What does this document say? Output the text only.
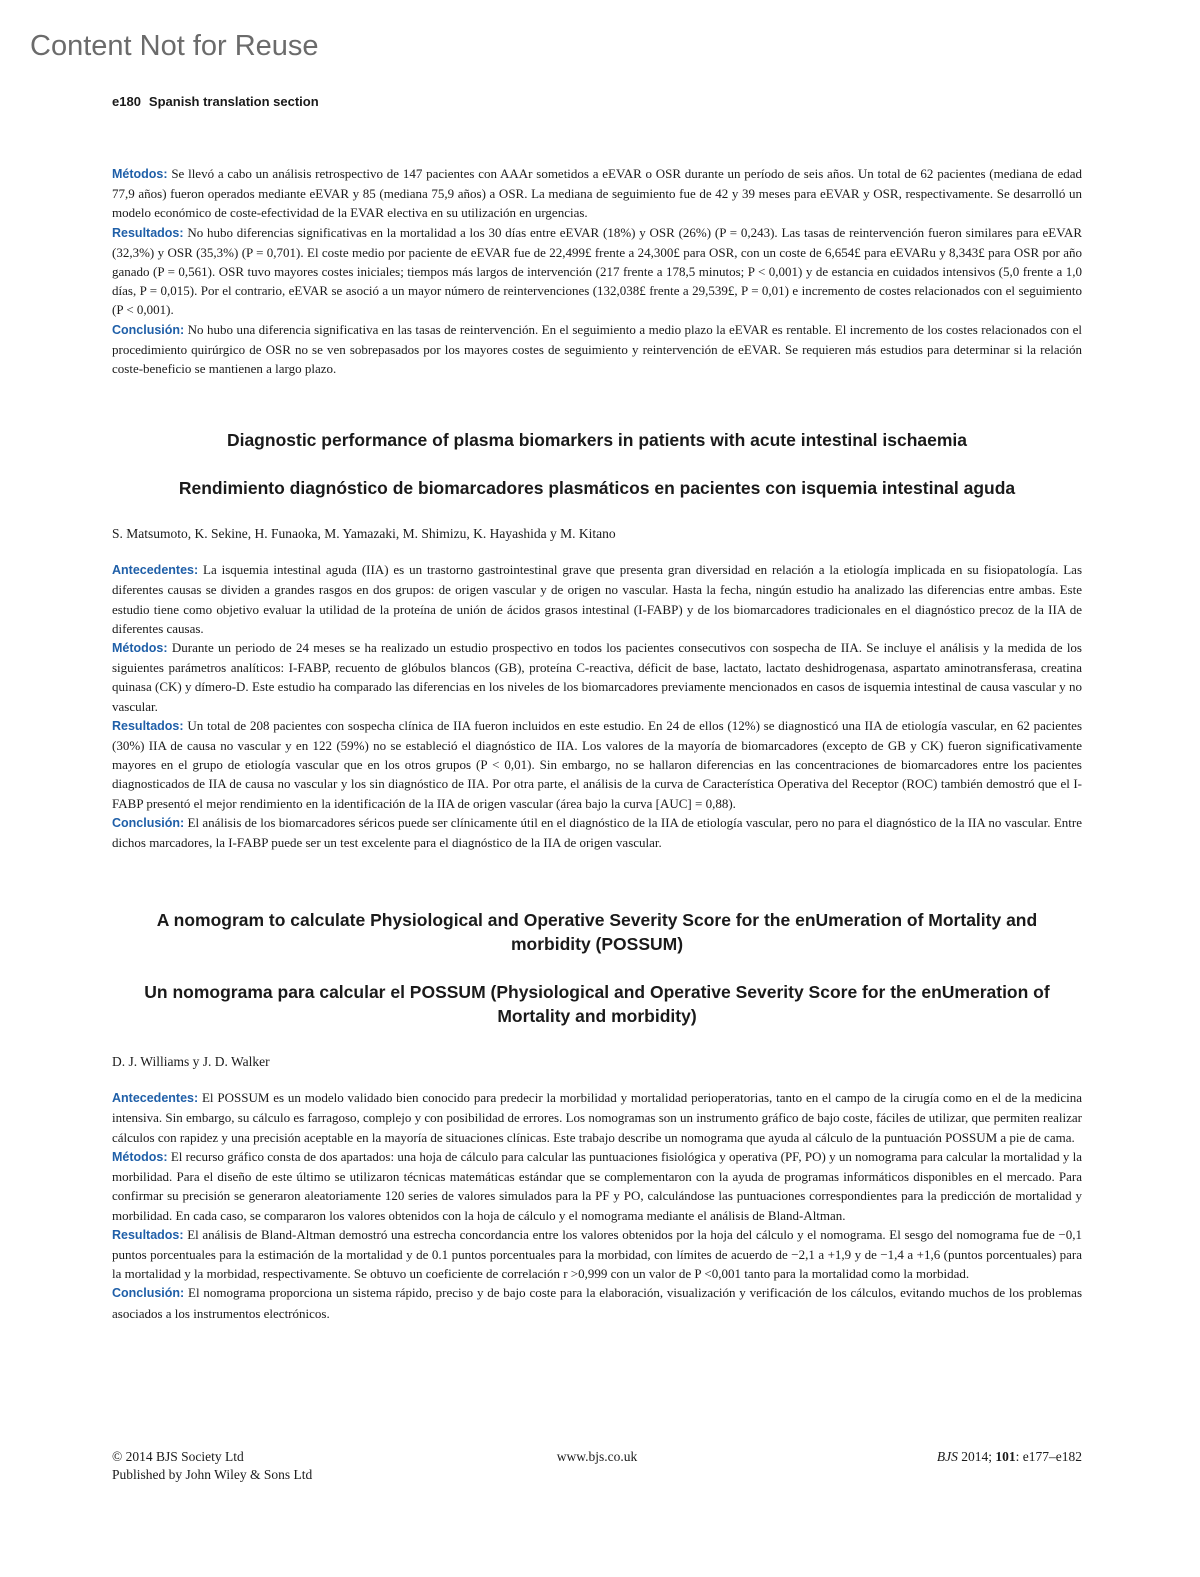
Content Not for Reuse
e180 Spanish translation section

Métodos: Se llevó a cabo un análisis retrospectivo de 147 pacientes con AAAr sometidos a eEVAR o OSR durante un período de seis años. Un total de 62 pacientes (mediana de edad 77,9 años) fueron operados mediante eEVAR y 85 (mediana 75,9 años) a OSR. La mediana de seguimiento fue de 42 y 39 meses para eEVAR y OSR, respectivamente. Se desarrolló un modelo económico de coste-efectividad de la EVAR electiva en su utilización en urgencias.

Resultados: No hubo diferencias significativas en la mortalidad a los 30 días entre eEVAR (18%) y OSR (26%) (P = 0,243). Las tasas de reintervención fueron similares para eEVAR (32,3%) y OSR (35,3%) (P = 0,701). El coste medio por paciente de eEVAR fue de 22,499£ frente a 24,300£ para OSR, con un coste de 6,654£ para eEVARu y 8,343£ para OSR por año ganado (P = 0,561). OSR tuvo mayores costes iniciales; tiempos más largos de intervención (217 frente a 178,5 minutos; P < 0,001) y de estancia en cuidados intensivos (5,0 frente a 1,0 días, P = 0,015). Por el contrario, eEVAR se asoció a un mayor número de reintervenciones (132,038£ frente a 29,539£, P = 0,01) e incremento de costes relacionados con el seguimiento (P < 0,001).

Conclusión: No hubo una diferencia significativa en las tasas de reintervención. En el seguimiento a medio plazo la eEVAR es rentable. El incremento de los costes relacionados con el procedimiento quirúrgico de OSR no se ven sobrepasados por los mayores costes de seguimiento y reintervención de eEVAR. Se requieren más estudios para determinar si la relación coste-beneficio se mantienen a largo plazo.

Diagnostic performance of plasma biomarkers in patients with acute intestinal ischaemia
Rendimiento diagnóstico de biomarcadores plasmáticos en pacientes con isquemia intestinal aguda

S. Matsumoto, K. Sekine, H. Funaoka, M. Yamazaki, M. Shimizu, K. Hayashida y M. Kitano

Antecedentes: La isquemia intestinal aguda (IIA) es un trastorno gastrointestinal grave que presenta gran diversidad en relación a la etiología implicada en su fisiopatología. Las diferentes causas se dividen a grandes rasgos en dos grupos: de origen vascular y de origen no vascular. Hasta la fecha, ningún estudio ha analizado las diferencias entre ambas. Este estudio tiene como objetivo evaluar la utilidad de la proteína de unión de ácidos grasos intestinal (I-FABP) y de los biomarcadores tradicionales en el diagnóstico precoz de la IIA de diferentes causas.

Métodos: Durante un periodo de 24 meses se ha realizado un estudio prospectivo en todos los pacientes consecutivos con sospecha de IIA. Se incluye el análisis y la medida de los siguientes parámetros analíticos: I-FABP, recuento de glóbulos blancos (GB), proteína C-reactiva, déficit de base, lactato, lactato deshidrogenasa, aspartato aminotransferasa, creatina quinasa (CK) y dímero-D. Este estudio ha comparado las diferencias en los niveles de los biomarcadores previamente mencionados en casos de isquemia intestinal de causa vascular y no vascular.

Resultados: Un total de 208 pacientes con sospecha clínica de IIA fueron incluidos en este estudio. En 24 de ellos (12%) se diagnosticó una IIA de etiología vascular, en 62 pacientes (30%) IIA de causa no vascular y en 122 (59%) no se estableció el diagnóstico de IIA. Los valores de la mayoría de biomarcadores (excepto de GB y CK) fueron significativamente mayores en el grupo de etiología vascular que en los otros grupos (P < 0,01). Sin embargo, no se hallaron diferencias en las concentraciones de biomarcadores entre los pacientes diagnosticados de IIA de causa no vascular y los sin diagnóstico de IIA. Por otra parte, el análisis de la curva de Característica Operativa del Receptor (ROC) también demostró que el I-FABP presentó el mejor rendimiento en la identificación de la IIA de origen vascular (área bajo la curva [AUC] = 0,88).

Conclusión: El análisis de los biomarcadores séricos puede ser clínicamente útil en el diagnóstico de la IIA de etiología vascular, pero no para el diagnóstico de la IIA no vascular. Entre dichos marcadores, la I-FABP puede ser un test excelente para el diagnóstico de la IIA de origen vascular.

A nomogram to calculate Physiological and Operative Severity Score for the enUmeration of Mortality and morbidity (POSSUM)
Un nomograma para calcular el POSSUM (Physiological and Operative Severity Score for the enUmeration of Mortality and morbidity)

D. J. Williams y J. D. Walker

Antecedentes: El POSSUM es un modelo validado bien conocido para predecir la morbilidad y mortalidad perioperatorias, tanto en el campo de la cirugía como en el de la medicina intensiva. Sin embargo, su cálculo es farragoso, complejo y con posibilidad de errores. Los nomogramas son un instrumento gráfico de bajo coste, fáciles de utilizar, que permiten realizar cálculos con rapidez y una precisión aceptable en la mayoría de situaciones clínicas. Este trabajo describe un nomograma que ayuda al cálculo de la puntuación POSSUM a pie de cama.

Métodos: El recurso gráfico consta de dos apartados: una hoja de cálculo para calcular las puntuaciones fisiológica y operativa (PF, PO) y un nomograma para calcular la mortalidad y la morbilidad. Para el diseño de este último se utilizaron técnicas matemáticas estándar que se complementaron con la ayuda de programas informáticos disponibles en el mercado. Para confirmar su precisión se generaron aleatoriamente 120 series de valores simulados para la PF y PO, calculándose las puntuaciones correspondientes para la predicción de mortalidad y morbilidad. En cada caso, se compararon los valores obtenidos con la hoja de cálculo y el nomograma mediante el análisis de Bland-Altman.

Resultados: El análisis de Bland-Altman demostró una estrecha concordancia entre los valores obtenidos por la hoja del cálculo y el nomograma. El sesgo del nomograma fue de −0,1 puntos porcentuales para la estimación de la mortalidad y de 0.1 puntos porcentuales para la morbidad, con límites de acuerdo de −2,1 a +1,9 y de −1,4 a +1,6 (puntos porcentuales) para la mortalidad y la morbidad, respectivamente. Se obtuvo un coeficiente de correlación r >0,999 con un valor de P <0,001 tanto para la mortalidad como la morbidad.

Conclusión: El nomograma proporciona un sistema rápido, preciso y de bajo coste para la elaboración, visualización y verificación de los cálculos, evitando muchos de los problemas asociados a los instrumentos electrónicos.

© 2014 BJS Society Ltd
Published by John Wiley & Sons Ltd
www.bjs.co.uk	BJS 2014; 101: e177–e182
